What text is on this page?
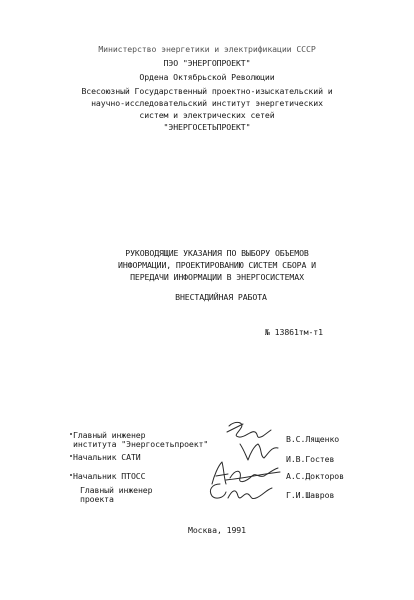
Министерство энергетики и электрификации СССР
ПЭО "ЭНЕРГОПРОЕКТ"
Ордена Октябрьской Революции
Всесоюзный Государственный проектно-изыскательский и
научно-исследовательский институт энергетических
систем и электрических сетей
"ЭНЕРГОСЕТЬПРОЕКТ"
РУКОВОДЯЩИЕ УКАЗАНИЯ ПО ВЫБОРУ ОБЪЕМОВ
ИНФОРМАЦИИ, ПРОЕКТИРОВАНИЮ СИСТЕМ СБОРА И
ПЕРЕДАЧИ ИНФОРМАЦИИ В ЭНЕРГОСИСТЕМАХ
ВНЕСТАДИЙНАЯ РАБОТА
№ 13861тм-т1
Главный инженер
института "Энергосетьпроект"	В.С.Лященко
Начальник САТИ	И.В.Гостев
Начальник ПТОСС	А.С.Докторов
Главный инженер
проекта	Г.И.Шавров
Москва, 1991
